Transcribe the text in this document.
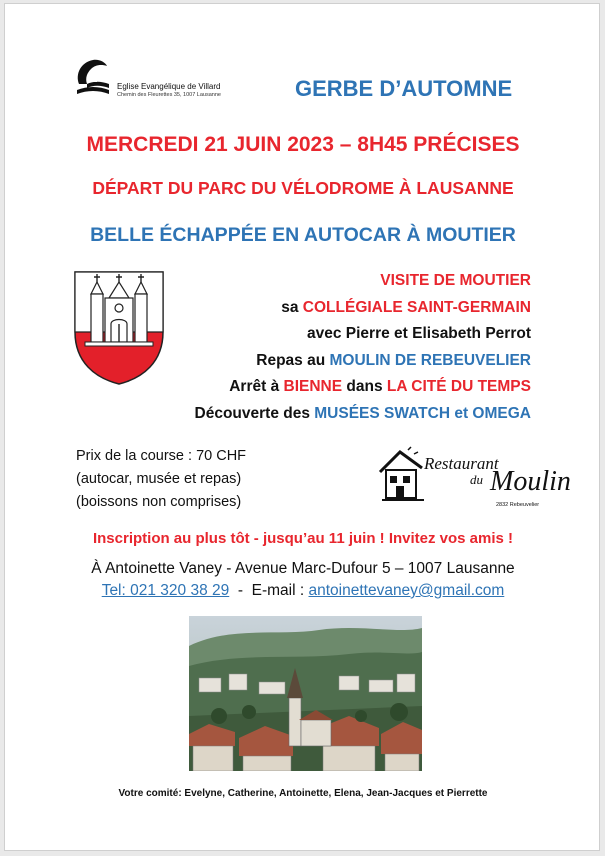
Eglise Evangélique de Villard
Chemin des Fleurettes 35, 1007 Lausanne	GERBE D’AUTOMNE
MERCREDI 21 JUIN 2023 – 8H45 PRÉCISES
DÉPART DU PARC DU VÉLODROME À LAUSANNE
BELLE ÉCHAPPÉE EN AUTOCAR À MOUTIER
VISITE DE MOUTIER
sa COLLÉGIALE SAINT-GERMAIN
avec Pierre et Elisabeth Perrot
Repas au MOULIN DE REBEUVELIER
Arrêt à BIENNE dans LA CITÉ DU TEMPS
Découverte des MUSÉES SWATCH et OMEGA
Prix de la course : 70 CHF
(autocar, musée et repas)
(boissons non comprises)
Restaurant
du Moulin
2832 Rebeuvelier
Inscription au plus tôt - jusqu’au 11 juin ! Invitez vos amis !
À Antoinette Vaney - Avenue Marc-Dufour 5 – 1007 Lausanne
Tel: 021 320 38 29  -  E-mail : antoinettevaney@gmail.com
Votre comité: Evelyne, Catherine, Antoinette, Elena, Jean-Jacques et Pierrette
